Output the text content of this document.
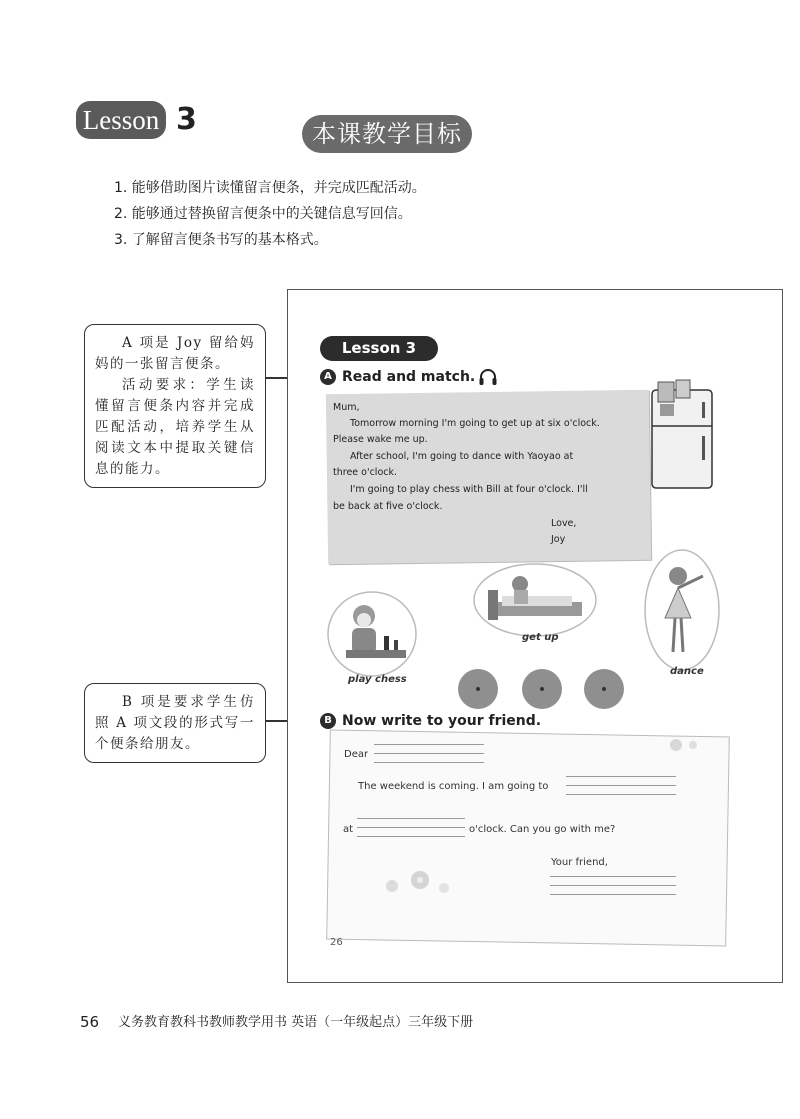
Lesson 3	本课教学目标
1. 能够借助图片读懂留言便条，并完成匹配活动。
2. 能够通过替换留言便条中的关键信息写回信。
3. 了解留言便条书写的基本格式。

A 项是 Joy 留给妈妈的一张留言便条。

活动要求：学生读懂留言便条内容并完成匹配活动，培养学生从阅读文本中提取关键信息的能力。

B 项是要求学生仿照 A 项文段的形式写一个便条给朋友。

Lesson 3
A Read and match.
Mum,
Tomorrow morning I'm going to get up at six o'clock.
Please wake me up.
After school, I'm going to dance with Yaoyao at
three o'clock.
I'm going to play chess with Bill at four o'clock. I'll
be back at five o'clock.
Love,
Joy
play chess
get up
dance
B Now write to your friend.
Dear
The weekend is coming. I am going to
at	o'clock. Can you go with me?
Your friend,
26
56 义务教育教科书教师教学用书 英语（一年级起点）三年级下册
